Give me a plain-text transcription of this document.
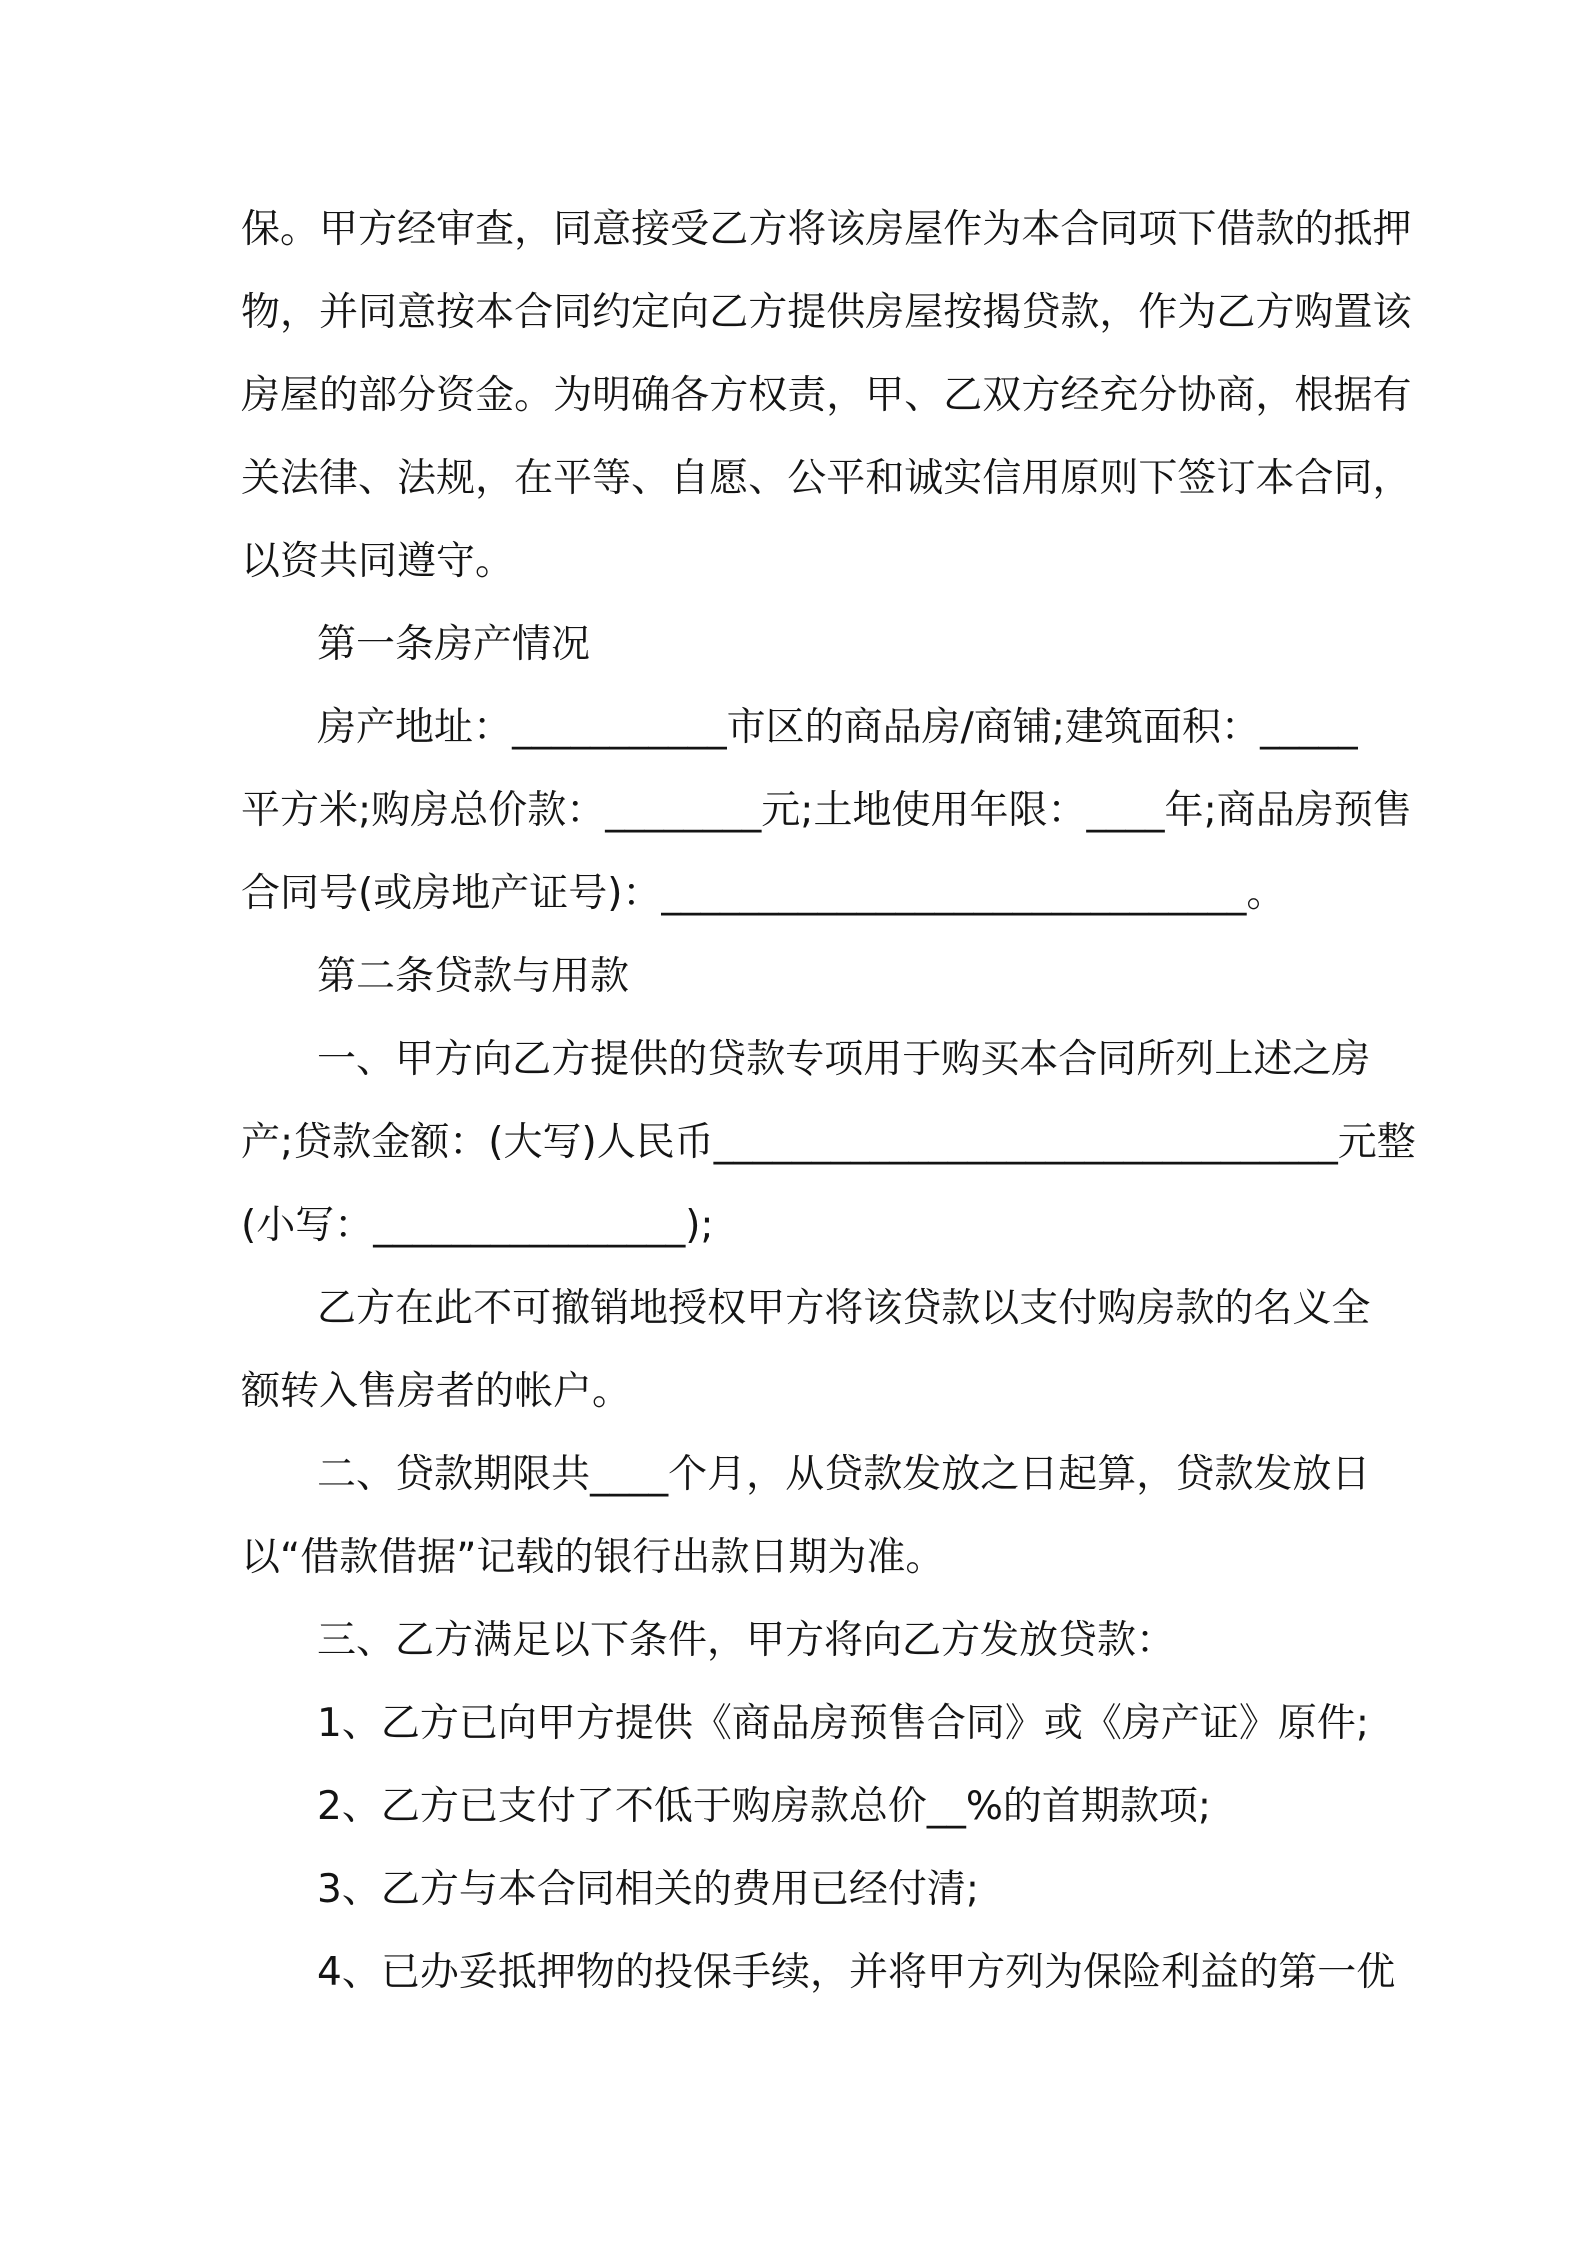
保 。 甲 方 经 审 查 ， 同 意 接 受 乙 方 将 该 房 屋 作 为 本 合 同 项 下 借 款 的 抵 押
物 ， 并 同 意 按 本 合 同 约 定 向 乙 方 提 供 房 屋 按 揭 贷 款 ， 作 为 乙 方 购 置 该
房 屋 的 部 分 资 金 。 为 明 确 各 方 权 责 ， 甲 、 乙 双 方 经 充 分 协 商 ， 根 据 有
关 法 律 、 法 规 ， 在 平 等 、 自 愿 、 公 平 和 诚 实 信 用 原 则 下 签 订 本 合 同 ，
以资共同遵守。
第一条房产情况
房 产 地 址 ： ___________ 市 区 的 商 品 房 / 商 铺 ; 建 筑 面 积 ： _____
平 方 米 ; 购 房 总 价 款 ： ________ 元 ; 土 地 使 用 年 限 ： ____ 年 ; 商 品 房 预 售
合同号(或房地产证号)：______________________________。
第二条贷款与用款
一 、 甲 方 向 乙 方 提 供 的 贷 款 专 项 用 于 购 买 本 合 同 所 列 上 述 之 房
产 ; 贷 款 金 额 ： ( 大 写 ) 人 民 币 ________________________________ 元 整
(小写：________________);
乙 方 在 此 不 可 撤 销 地 授 权 甲 方 将 该 贷 款 以 支 付 购 房 款 的 名 义 全
额转入售房者的帐户。
二 、 贷 款 期 限 共 ____ 个 月 ， 从 贷 款 发 放 之 日 起 算 ， 贷 款 发 放 日
以“借款借据”记载的银行出款日期为准。
三、乙方满足以下条件，甲方将向乙方发放贷款：
1、乙方已向甲方提供《商品房预售合同》或《房产证》原件;
2、乙方已支付了不低于购房款总价__%的首期款项;
3、乙方与本合同相关的费用已经付清;
4 、 已 办 妥 抵 押 物 的 投 保 手 续 ， 并 将 甲 方 列 为 保 险 利 益 的 第 一 优
